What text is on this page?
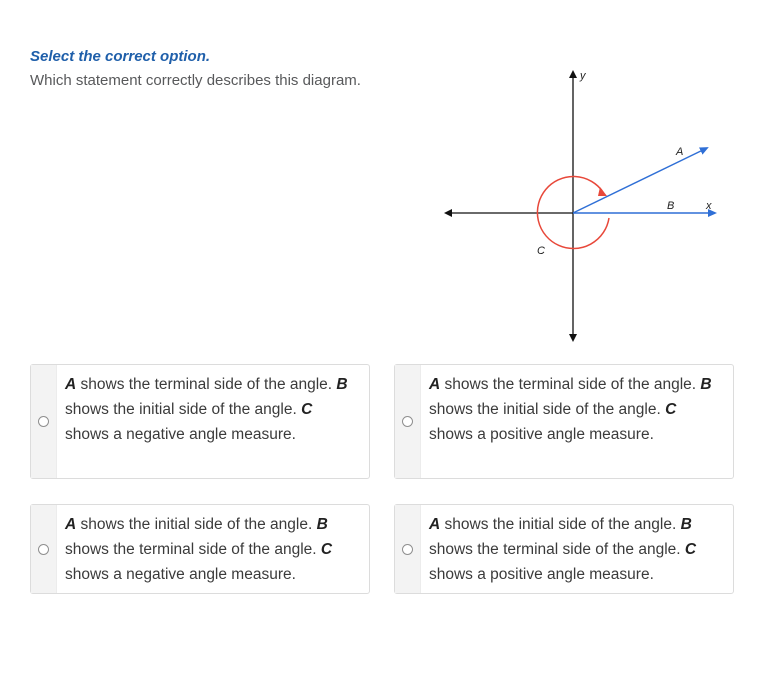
Select the correct option.
Which statement correctly describes this diagram.	y
x
A
B
C
A shows the terminal side of the angle. B shows the initial side of the angle. C shows a negative angle measure.
A shows the terminal side of the angle. B shows the initial side of the angle. C shows a positive angle measure.
A shows the initial side of the angle. B shows the terminal side of the angle. C shows a negative angle measure.
A shows the initial side of the angle. B shows the terminal side of the angle. C shows a positive angle measure.
